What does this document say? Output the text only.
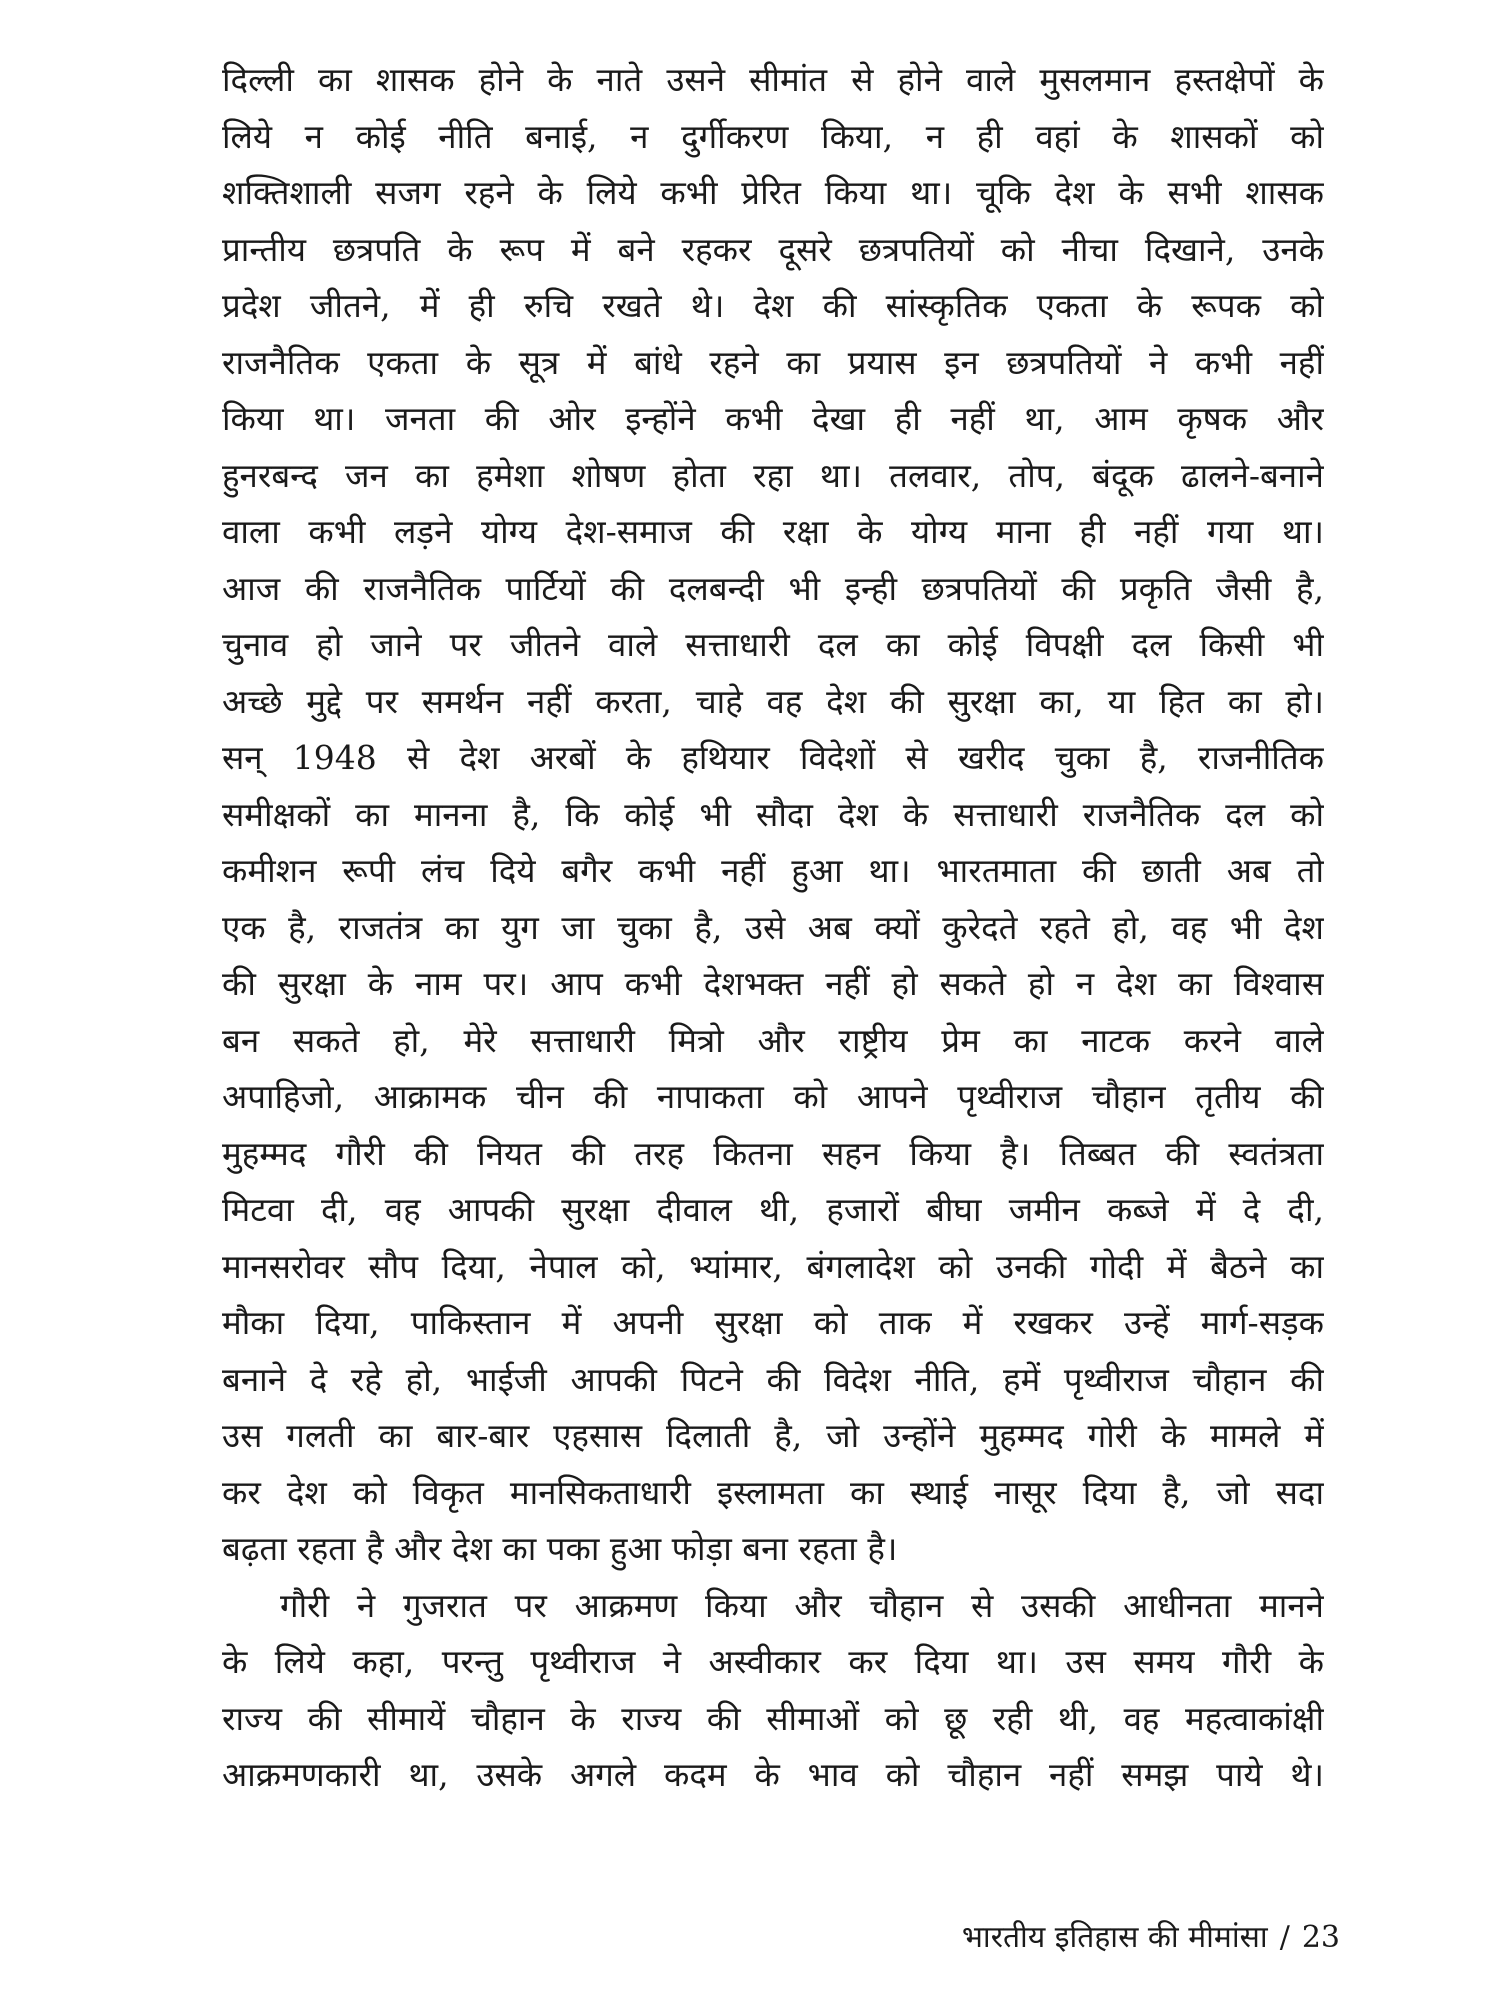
दिल्ली का शासक होने के नाते उसने सीमांत से होने वाले मुसलमान हस्तक्षेपों के
लिये न कोई नीति बनाई, न दुर्गीकरण किया, न ही वहां के शासकों को
शक्तिशाली सजग रहने के लिये कभी प्रेरित किया था। चूकि देश के सभी शासक
प्रान्तीय छत्रपति के रूप में बने रहकर दूसरे छत्रपतियों को नीचा दिखाने, उनके
प्रदेश जीतने, में ही रुचि रखते थे। देश की सांस्कृतिक एकता के रूपक को
राजनैतिक एकता के सूत्र में बांधे रहने का प्रयास इन छत्रपतियों ने कभी नहीं
किया था। जनता की ओर इन्होंने कभी देखा ही नहीं था, आम कृषक और
हुनरबन्द जन का हमेशा शोषण होता रहा था। तलवार, तोप, बंदूक ढालने-बनाने
वाला कभी लड़ने योग्य देश-समाज की रक्षा के योग्य माना ही नहीं गया था।
आज की राजनैतिक पार्टियों की दलबन्दी भी इन्ही छत्रपतियों की प्रकृति जैसी है,
चुनाव हो जाने पर जीतने वाले सत्ताधारी दल का कोई विपक्षी दल किसी भी
अच्छे मुद्दे पर समर्थन नहीं करता, चाहे वह देश की सुरक्षा का, या हित का हो।
सन् 1948 से देश अरबों के हथियार विदेशों से खरीद चुका है, राजनीतिक
समीक्षकों का मानना है, कि कोई भी सौदा देश के सत्ताधारी राजनैतिक दल को
कमीशन रूपी लंच दिये बगैर कभी नहीं हुआ था। भारतमाता की छाती अब तो
एक है, राजतंत्र का युग जा चुका है, उसे अब क्यों कुरेदते रहते हो, वह भी देश
की सुरक्षा के नाम पर। आप कभी देशभक्त नहीं हो सकते हो न देश का विश्वास
बन सकते हो, मेरे सत्ताधारी मित्रो और राष्ट्रीय प्रेम का नाटक करने वाले
अपाहिजो, आक्रामक चीन की नापाकता को आपने पृथ्वीराज चौहान तृतीय की
मुहम्मद गौरी की नियत की तरह कितना सहन किया है। तिब्बत की स्वतंत्रता
मिटवा दी, वह आपकी सुरक्षा दीवाल थी, हजारों बीघा जमीन कब्जे में दे दी,
मानसरोवर सौप दिया, नेपाल को, भ्यांमार, बंगलादेश को उनकी गोदी में बैठने का
मौका दिया, पाकिस्तान में अपनी सुरक्षा को ताक में रखकर उन्हें मार्ग-सड़क
बनाने दे रहे हो, भाईजी आपकी पिटने की विदेश नीति, हमें पृथ्वीराज चौहान की
उस गलती का बार-बार एहसास दिलाती है, जो उन्होंने मुहम्मद गोरी के मामले में
कर देश को विकृत मानसिकताधारी इस्लामता का स्थाई नासूर दिया है, जो सदा
बढ़ता रहता है और देश का पका हुआ फोड़ा बना रहता है।
गौरी ने गुजरात पर आक्रमण किया और चौहान से उसकी आधीनता मानने
के लिये कहा, परन्तु पृथ्वीराज ने अस्वीकार कर दिया था। उस समय गौरी के
राज्य की सीमायें चौहान के राज्य की सीमाओं को छू रही थी, वह महत्वाकांक्षी
आक्रमणकारी था, उसके अगले कदम के भाव को चौहान नहीं समझ पाये थे।
भारतीय इतिहास की मीमांसा / 23
